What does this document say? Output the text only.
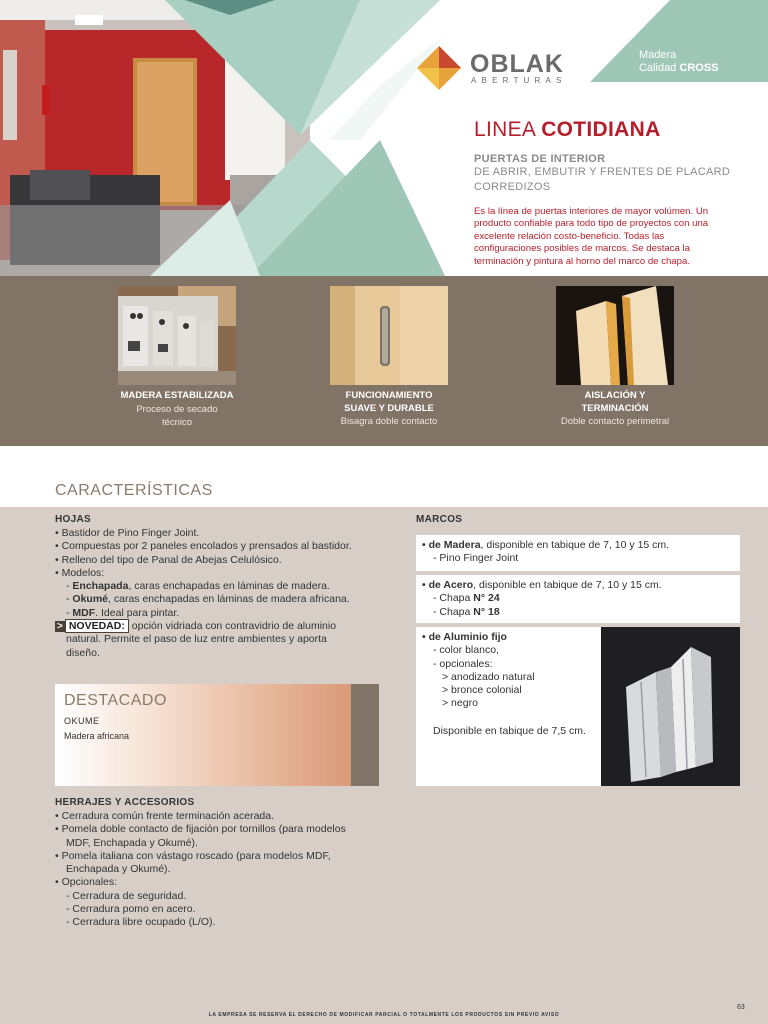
OBLAK
ABERTURAS
Madera
Calidad CROSS
LINEA COTIDIANA
PUERTAS DE INTERIOR
DE ABRIR, EMBUTIR Y FRENTES DE PLACARD CORREDIZOS
Es la línea de puertas interiores de mayor volúmen. Un producto confiable para todo tipo de proyectos con una excelente relación costo-beneficio. Todas las configuraciones posibles de marcos. Se destaca la terminación y pintura al horno del marco de chapa.
MADERA ESTABILIZADA
Proceso de secado
técnico
FUNCIONAMIENTO
SUAVE Y DURABLE
Bisagra doble contacto
AISLACIÓN Y
TERMINACIÓN
Doble contacto perimetral
CARACTERÍSTICAS
HOJAS
• Bastidor de Pino Finger Joint.
• Compuestas por 2 paneles encolados y prensados al bastidor.
• Relleno del tipo de Panal de Abejas Celulósico.
• Modelos:
- Enchapada, caras enchapadas en láminas de madera.
- Okumé, caras enchapadas en láminas de madera africana.
- MDF. Ideal para pintar.
> NOVEDAD: opción vidriada con contravidrio de aluminio
natural. Permite el paso de luz entre ambientes y aporta
diseño.
DESTACADO
OKUME
Madera africana
HERRAJES Y ACCESORIOS
• Cerradura común frente terminación acerada.
• Pomela doble contacto de fijación por tornillos (para modelos
MDF, Enchapada y Okumé).
• Pomela italiana con vástago roscado (para modelos MDF,
Enchapada y Okumé).
• Opcionales:
- Cerradura de seguridad.
- Cerradura pomo en acero.
- Cerradura libre ocupado (L/O).
MARCOS
• de Madera, disponible en tabique de 7, 10 y 15 cm.
- Pino Finger Joint
• de Acero, disponible en tabique de 7, 10 y 15 cm.
- Chapa N° 24
- Chapa N° 18
• de Aluminio fijo
- color blanco,
- opcionales:
> anodizado natural
> bronce colonial
> negro
Disponible en tabique de 7,5 cm.
LA EMPRESA SE RESERVA EL DERECHO DE MODIFICAR PARCIAL O TOTALMENTE LOS PRODUCTOS SIN PREVIO AVISO
63
